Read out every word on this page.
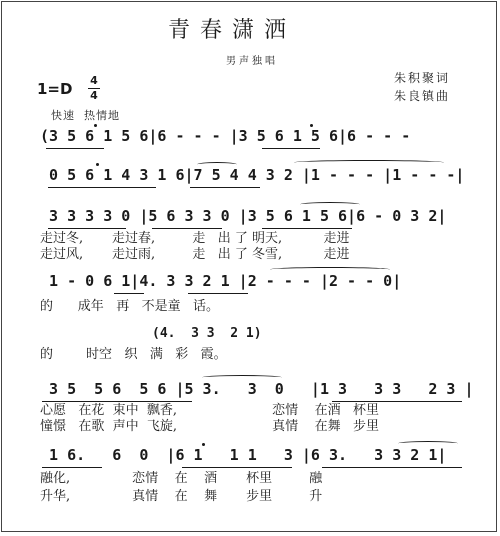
青春潇洒
男声独唱
朱积聚词
朱良镇曲
1=D 4
4
快速  热情地
(3 5 6 1 5 6|6 - - - |3 5 6 1 5 6|6 - - -
0 5 6 1 4 3 1 6|7 5 4 4 3 2 |1 - - - |1 - - -|
3 3 3 3 0 |5 6 3 3 0 |3 5 6 1 5 6|6 - 0 3 2|
走过冬,       走过春,         走   出 了 明天,          走进
走过风,       走过雨,         走   出 了 冬雪,          走进
1 - 0 6 1|4. 3 3 2 1 |2 - - - |2 - - 0|
的      成年   再   不是童   话。
(4.  3 3  2 1)
的        时空   织   满   彩   霞。
3 5  5 6  5 6 |5 3.   3  0   |1 3   3 3   2 3 |
心愿   在花  束中  飘香,                       恋情    在酒   杯里
憧憬   在歌  声中  飞旋,                       真情    在舞   步里
1 6.   6  0  |6 1   1 1   3 |6 3.   3 3 2 1|
融化,               恋情    在    酒       杯里         融
升华,               真情    在    舞       步里         升
